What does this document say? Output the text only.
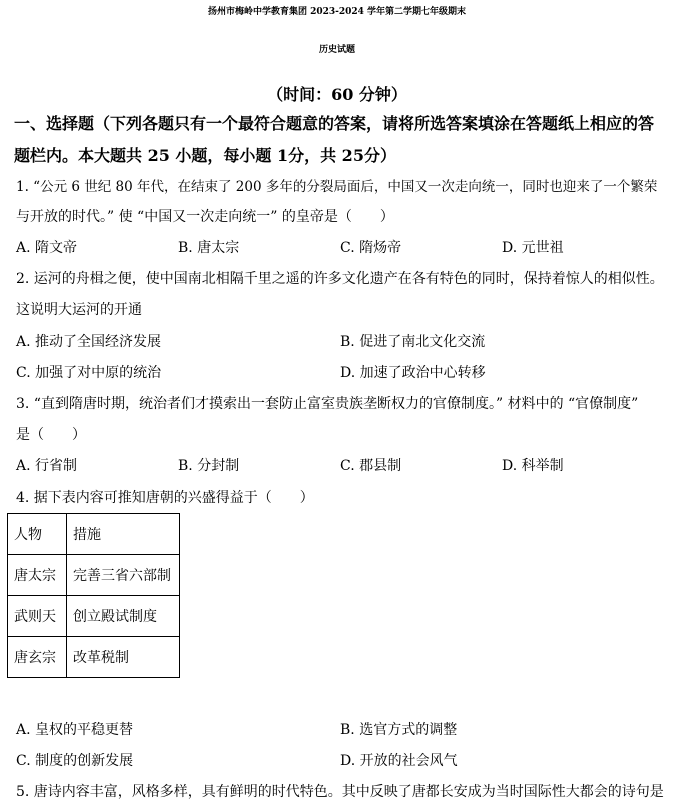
扬州市梅岭中学教育集团 2023-2024 学年第二学期七年级期末
历史试题
（时间：60 分钟）
一、选择题（下列各题只有一个最符合题意的答案，请将所选答案填涂在答题纸上相应的答
题栏内。本大题共 25 小题，每小题 1分，共 25分）
1. “公元 6 世纪 80 年代，在结束了 200 多年的分裂局面后，中国又一次走向统一，同时也迎来了一个繁荣
与开放的时代。” 使 “中国又一次走向统一” 的皇帝是（　　）
A. 隋文帝	B. 唐太宗	C. 隋炀帝	D. 元世祖
2. 运河的舟楫之便，使中国南北相隔千里之遥的许多文化遗产在各有特色的同时，保持着惊人的相似性。
这说明大运河的开通
A. 推动了全国经济发展	B. 促进了南北文化交流
C. 加强了对中原的统治	D. 加速了政治中心转移
3. “直到隋唐时期，统治者们才摸索出一套防止富室贵族垄断权力的官僚制度。” 材料中的 “官僚制度”
是（　　）
A. 行省制	B. 分封制	C. 郡县制	D. 科举制
4. 据下表内容可推知唐朝的兴盛得益于（　　）
人物	措施
唐太宗	完善三省六部制
武则天	创立殿试制度
唐玄宗	改革税制
A. 皇权的平稳更替	B. 选官方式的调整
C. 制度的创新发展	D. 开放的社会风气
5. 唐诗内容丰富，风格多样，具有鲜明的时代特色。其中反映了唐都长安成为当时国际性大都会的诗句是
